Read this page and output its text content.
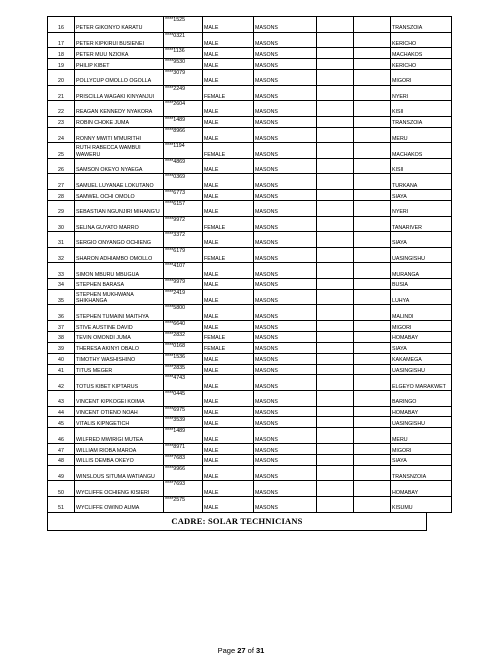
16	PETER GIKONYO KARATU	****1525	MALE	MASONS			TRANSZOIA
17	PETER KIPKIRUI BUSIENEI	****0321	MALE	MASONS			KERICHO
18	PETER MUU NZIOKA	****1136	MALE	MASONS			MACHAKOS
19	PHILIP KIBET	****9530	MALE	MASONS			KERICHO
20	POLLYCUP OMOLLO OGOLLA	****3079	MALE	MASONS			MIGORI
21	PRISCILLA WAGAKI KINYANJUI	****2249	FEMALE	MASONS			NYERI
22	REAGAN KENNEDY NYAKORA	****2604	MALE	MASONS			KISII
23	ROBIN CHOKE JUMA	****1489	MALE	MASONS			TRANSZOIA
24	RONNY MWITI M'MURITHI	****8966	MALE	MASONS			MERU
25	RUTH RABECCA WAMBUI WAWERU	****1194	FEMALE	MASONS			MACHAKOS
26	SAMSON OKEYO NYAEGA	****4869	MALE	MASONS			KISII
27	SAMUEL LUYANAE LOKUTANO	****0369	MALE	MASONS			TURKANA
28	SAMWEL OCHI OMOLO	****6773	MALE	MASONS			SIAYA
29	SEBASTIAN NGUNJIRI MIHANG'U	****6157	MALE	MASONS			NYERI
30	SELINA GUYATO MARRO	****9972	FEMALE	MASONS			TANARIVER
31	SERGIO ONYANGO OCHIENG	****3372	MALE	MASONS			SIAYA
32	SHARON ADHIAMBO OMOLLO	****6179	FEMALE	MASONS			UASINGISHU
33	SIMON MBURU MBUGUA	****4107	MALE	MASONS			MURANGA
34	STEPHEN BARASA	****9979	MALE	MASONS			BUSIA
35	STEPHEN MUKHWANA SHIKHANGA	****2419	MALE	MASONS			LUHYA
36	STEPHEN TUMAINI MAITHYA	****5800	MALE	MASONS			MALINDI
37	STIVE AUSTINE DAVID	****6640	MALE	MASONS			MIGORI
38	TEVIN OMONDI JUMA	****2832	FEMALE	MASONS			HOMABAY
39	THERESA AKINYI OBALO	****0168	FEMALE	MASONS			SIAYA
40	TIMOTHY WASHISHINO	****1536	MALE	MASONS			KAKAMEGA
41	TITUS MEGER	****2835	MALE	MASONS			UASINGISHU
42	TOTUS KIBET KIPTARUS	****4743	MALE	MASONS			ELGEYO MARAKWET
43	VINCENT KIPKOGEI KOIMA	****0445	MALE	MASONS			BARINGO
44	VINCENT OTIENO NOAH	****6975	MALE	MASONS			HOMABAY
45	VITALIS KIPNGETICH	****3539	MALE	MASONS			UASINGISHU
46	WILFRED MWIRIGI MUTEA	****1489	MALE	MASONS			MERU
47	WILLIAM RIOBA MAROA	****8971	MALE	MASONS			MIGORI
48	WILLIS DEMBA OKEYO	****7683	MALE	MASONS			SIAYA
49	WINSLOUS SITUMA WATIANGU	****9966	MALE	MASONS			TRANSNZOIA
50	WYCLIFFE OCHIENG KISIERI	****7693	MALE	MASONS			HOMABAY
51	WYCLIFFE OWINO AUMA	****2575	MALE	MASONS			KISUMU
CADRE: SOLAR TECHNICIANS
Page 27 of 31
